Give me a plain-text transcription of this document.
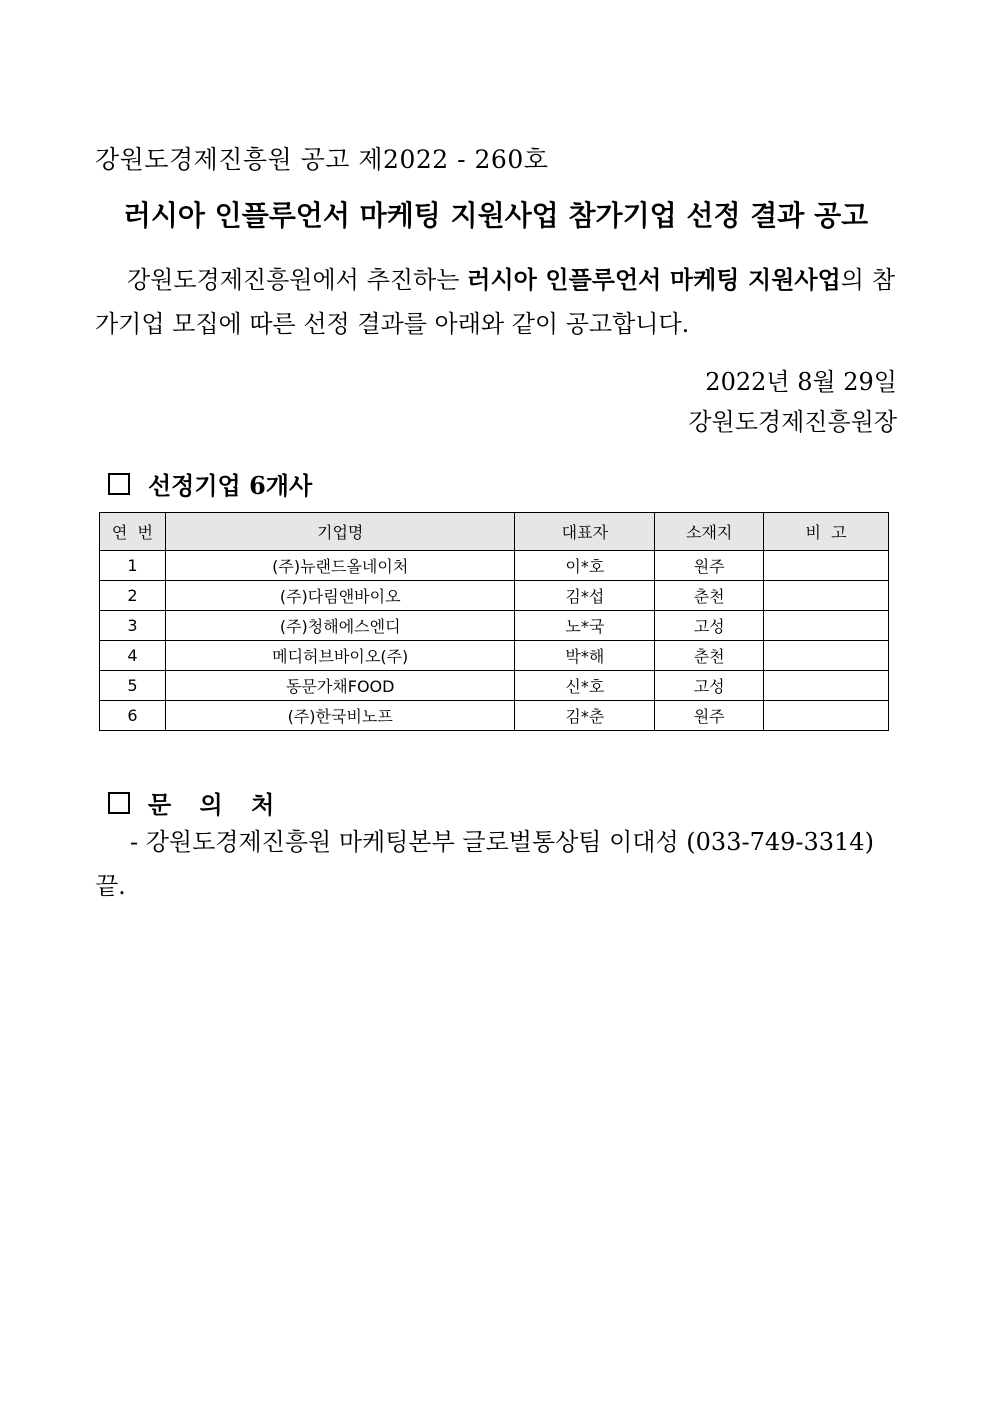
강원도경제진흥원 공고 제2022 - 260호
러시아 인플루언서 마케팅 지원사업 참가기업 선정 결과 공고
강원도경제진흥원에서 추진하는 러시아 인플루언서 마케팅 지원사업의 참가기업 모집에 따른 선정 결과를 아래와 같이 공고합니다.
2022년 8월 29일
강원도경제진흥원장
선정기업 6개사
연  번	기업명	대표자	소재지	비  고
1	(주)뉴랜드올네이처	이*호	원주	
2	(주)다림앤바이오	김*섭	춘천	
3	(주)청해에스엔디	노*국	고성	
4	메디허브바이오(주)	박*해	춘천	
5	동문가채FOOD	신*호	고성	
6	(주)한국비노프	김*춘	원주	
문 의 처
- 강원도경제진흥원 마케팅본부 글로벌통상팀 이대성 (033-749-3314)
끝.
